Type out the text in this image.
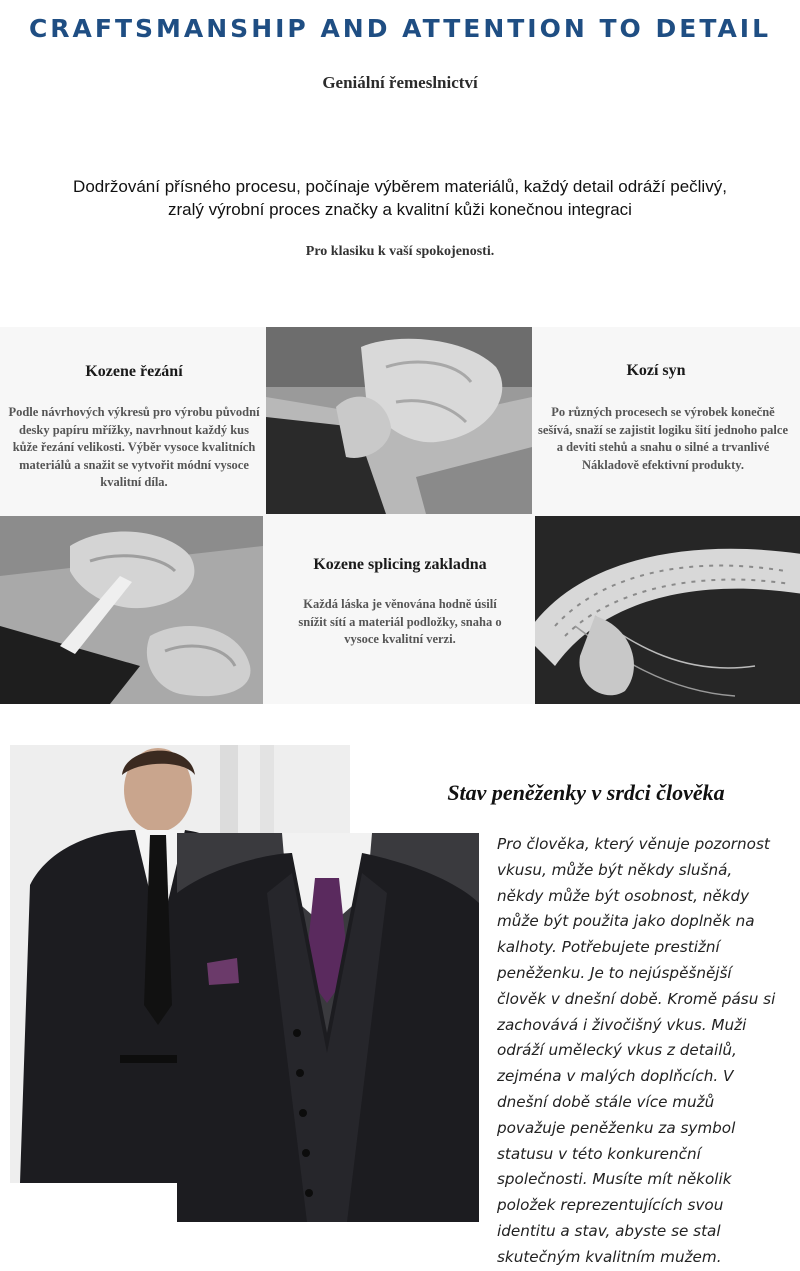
CRAFTSMANSHIP AND ATTENTION TO DETAIL
Geniální řemeslnictví
Dodržování přísného procesu, počínaje výběrem materiálů, každý detail odráží pečlivý, zralý výrobní proces značky a kvalitní kůži konečnou integraci
Pro klasiku k vaší spokojenosti.
Kozene řezání
Podle návrhových výkresů pro výrobu původní desky papíru mřížky, navrhnout každý kus kůže řezání velikosti. Výběr vysoce kvalitních materiálů a snažit se vytvořit módní vysoce kvalitní díla.
Kozí syn
Po různých procesech se výrobek konečně sešívá, snaží se zajistit logiku šití jednoho palce a deviti stehů a snahu o silné a trvanlivé Nákladově efektivní produkty.
Kozene splicing zakladna
Každá láska je věnována hodně úsilí snížit sítí a materiál podložky, snaha o vysoce kvalitní verzi.
Stav peněženky v srdci člověka
Pro člověka, který věnuje pozornost vkusu, může být někdy slušná, někdy může být osobnost, někdy může být použita jako doplněk na kalhoty. Potřebujete prestižní peněženku. Je to nejúspěšnější člověk v dnešní době. Kromě pásu si zachovává i živočišný vkus. Muži odráží umělecký vkus z detailů, zejména v malých doplňcích. V dnešní době stále více mužů považuje peněženku za symbol statusu v této konkurenční společnosti. Musíte mít několik položek reprezentujících svou identitu a stav, abyste se stal skutečným kvalitním mužem.
